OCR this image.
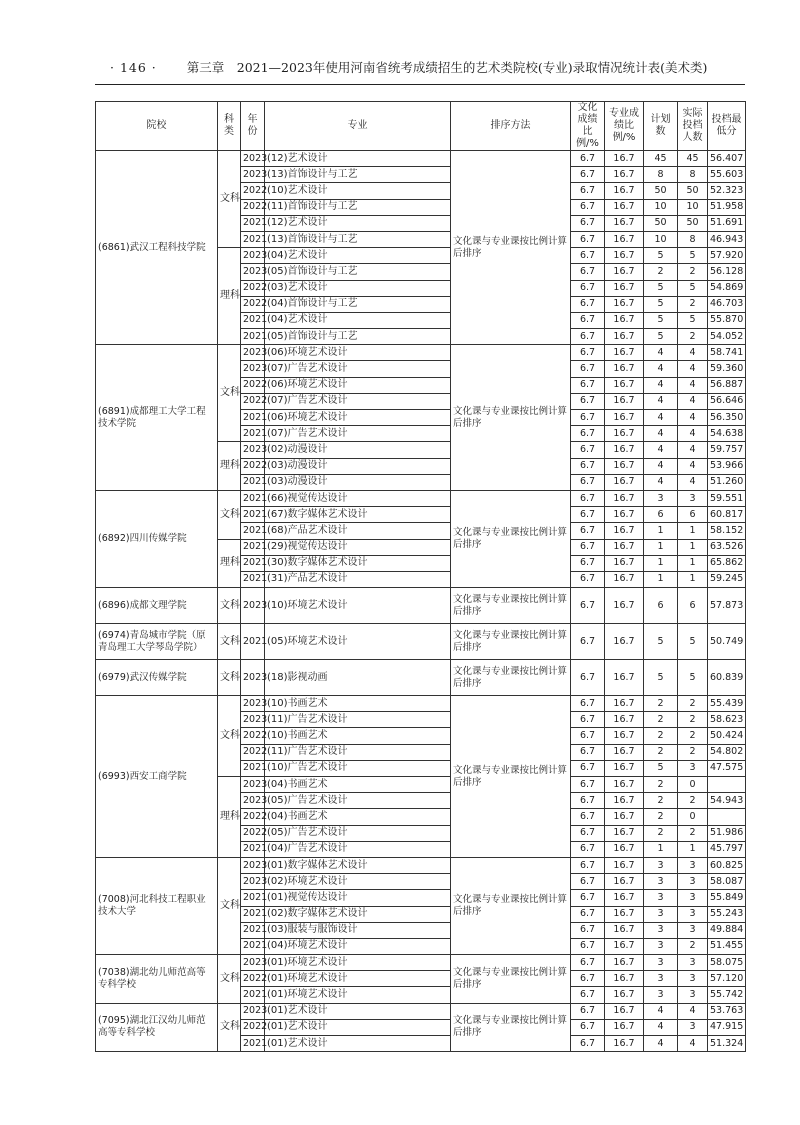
· 146 · 第三章　2021—2023年使用河南省统考成绩招生的艺术类院校(专业)录取情况统计表(美术类)
院校	科类	年份	专业	排序方法	文化成绩比例/%	专业成绩比例/%	计划数	实际投档人数	投档最低分
(6861)武汉工程科技学院	文科	2023	(12)艺术设计	文化课与专业课按比例计算后排序	6.7	16.7	45	45	56.407
		2023	(13)首饰设计与工艺		6.7	16.7	8	8	55.603
		2022	(10)艺术设计		6.7	16.7	50	50	52.323
		2022	(11)首饰设计与工艺		6.7	16.7	10	10	51.958
		2021	(12)艺术设计		6.7	16.7	50	50	51.691
		2021	(13)首饰设计与工艺		6.7	16.7	10	8	46.943
	理科	2023	(04)艺术设计		6.7	16.7	5	5	57.920
		2023	(05)首饰设计与工艺		6.7	16.7	2	2	56.128
		2022	(03)艺术设计		6.7	16.7	5	5	54.869
		2022	(04)首饰设计与工艺		6.7	16.7	5	2	46.703
		2021	(04)艺术设计		6.7	16.7	5	5	55.870
		2021	(05)首饰设计与工艺		6.7	16.7	5	2	54.052
(6891)成都理工大学工程技术学院	文科	2023	(06)环境艺术设计	文化课与专业课按比例计算后排序	6.7	16.7	4	4	58.741
		2023	(07)广告艺术设计		6.7	16.7	4	4	59.360
		2022	(06)环境艺术设计		6.7	16.7	4	4	56.887
		2022	(07)广告艺术设计		6.7	16.7	4	4	56.646
		2021	(06)环境艺术设计		6.7	16.7	4	4	56.350
		2021	(07)广告艺术设计		6.7	16.7	4	4	54.638
	理科	2023	(02)动漫设计		6.7	16.7	4	4	59.757
		2022	(03)动漫设计		6.7	16.7	4	4	53.966
		2021	(03)动漫设计		6.7	16.7	4	4	51.260
(6892)四川传媒学院	文科	2021	(66)视觉传达设计	文化课与专业课按比例计算后排序	6.7	16.7	3	3	59.551
		2021	(67)数字媒体艺术设计		6.7	16.7	6	6	60.817
		2021	(68)产品艺术设计		6.7	16.7	1	1	58.152
	理科	2021	(29)视觉传达设计		6.7	16.7	1	1	63.526
		2021	(30)数字媒体艺术设计		6.7	16.7	1	1	65.862
		2021	(31)产品艺术设计		6.7	16.7	1	1	59.245
(6896)成都文理学院	文科	2023	(10)环境艺术设计	文化课与专业课按比例计算后排序	6.7	16.7	6	6	57.873
(6974)青岛城市学院（原青岛理工大学琴岛学院）	文科	2021	(05)环境艺术设计	文化课与专业课按比例计算后排序	6.7	16.7	5	5	50.749
(6979)武汉传媒学院	文科	2023	(18)影视动画	文化课与专业课按比例计算后排序	6.7	16.7	5	5	60.839
(6993)西安工商学院	文科	2023	(10)书画艺术	文化课与专业课按比例计算后排序	6.7	16.7	2	2	55.439
		2023	(11)广告艺术设计		6.7	16.7	2	2	58.623
		2022	(10)书画艺术		6.7	16.7	2	2	50.424
		2022	(11)广告艺术设计		6.7	16.7	2	2	54.802
		2021	(10)广告艺术设计		6.7	16.7	5	3	47.575
	理科	2023	(04)书画艺术		6.7	16.7	2	0	
		2023	(05)广告艺术设计		6.7	16.7	2	2	54.943
		2022	(04)书画艺术		6.7	16.7	2	0	
		2022	(05)广告艺术设计		6.7	16.7	2	2	51.986
		2021	(04)广告艺术设计		6.7	16.7	1	1	45.797
(7008)河北科技工程职业技术大学	文科	2023	(01)数字媒体艺术设计	文化课与专业课按比例计算后排序	6.7	16.7	3	3	60.825
		2023	(02)环境艺术设计		6.7	16.7	3	3	58.087
		2021	(01)视觉传达设计		6.7	16.7	3	3	55.849
		2021	(02)数字媒体艺术设计		6.7	16.7	3	3	55.243
		2021	(03)服装与服饰设计		6.7	16.7	3	3	49.884
		2021	(04)环境艺术设计		6.7	16.7	3	2	51.455
(7038)湖北幼儿师范高等专科学校	文科	2023	(01)环境艺术设计	文化课与专业课按比例计算后排序	6.7	16.7	3	3	58.075
		2022	(01)环境艺术设计		6.7	16.7	3	3	57.120
		2021	(01)环境艺术设计		6.7	16.7	3	3	55.742
(7095)湖北江汉幼儿师范高等专科学校	文科	2023	(01)艺术设计	文化课与专业课按比例计算后排序	6.7	16.7	4	4	53.763
		2022	(01)艺术设计		6.7	16.7	4	3	47.915
		2021	(01)艺术设计		6.7	16.7	4	4	51.324
